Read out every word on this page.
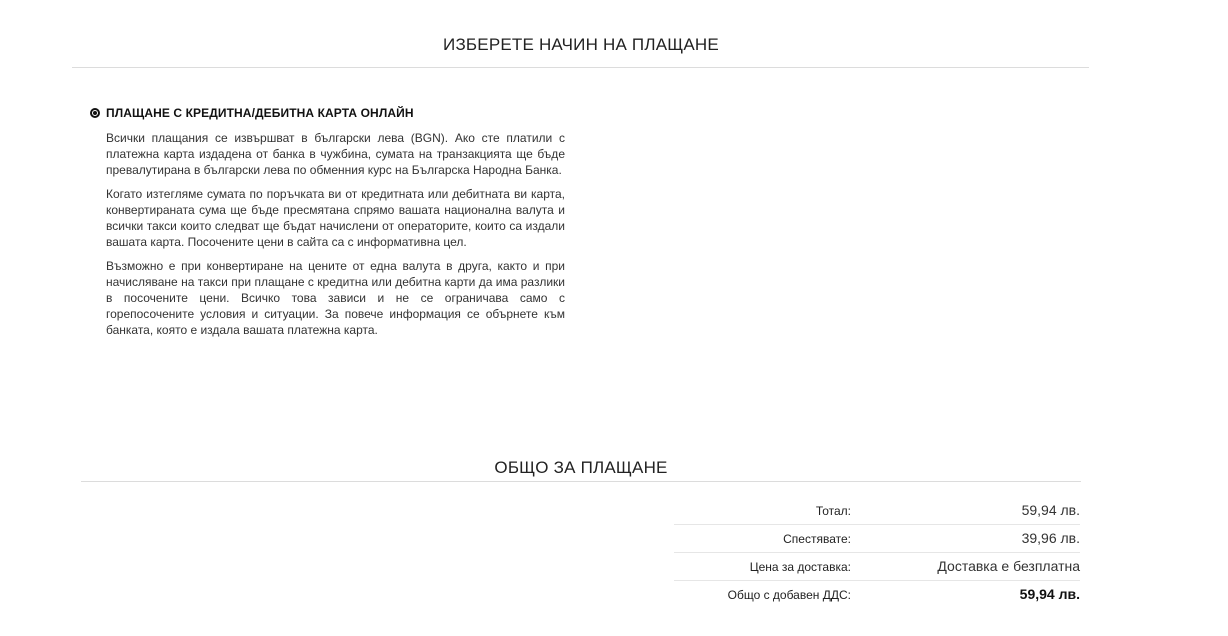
ИЗБЕРЕТЕ НАЧИН НА ПЛАЩАНЕ
ПЛАЩАНЕ С КРЕДИТНА/ДЕБИТНА КАРТА ОНЛАЙН

Всички плащания се извършват в български лева (BGN). Ако сте платили с платежна карта издадена от банка в чужбина, сумата на транзакцията ще бъде превалутирана в български лева по обменния курс на Българска Народна Банка.

Когато изтегляме сумата по поръчката ви от кредитната или дебитната ви карта, конвертираната сума ще бъде пресмятана спрямо вашата национална валута и всички такси които следват ще бъдат начислени от операторите, които са издали вашата карта. Посочените цени в сайта са с информативна цел.

Възможно е при конвертиране на цените от една валута в друга, както и при начисляване на такси при плащане с кредитна или дебитна карти да има разлики в посочените цени. Всичко това зависи и не се ограничава само с горепосочените условия и ситуации. За повече информация се обърнете към банката, която е издала вашата платежна карта.

ОБЩО ЗА ПЛАЩАНЕ
Тотал:	59,94 лв.
Спестявате:	39,96 лв.
Цена за доставка:	Доставка е безплатна
Общо с добавен ДДС:	59,94 лв.
